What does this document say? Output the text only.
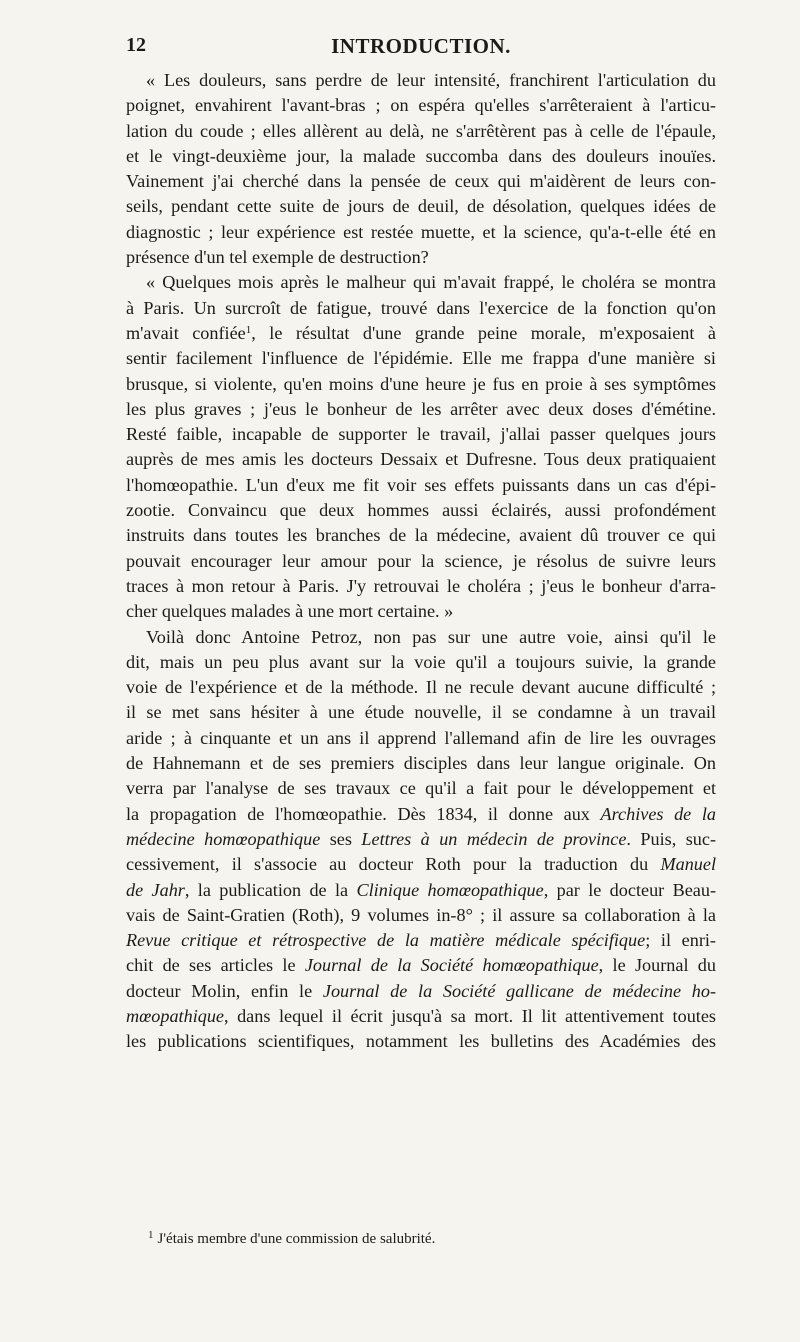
12	INTRODUCTION.
« Les douleurs, sans perdre de leur intensité, franchirent l'articulation du
poignet, envahirent l'avant-bras ; on espéra qu'elles s'arrêteraient à l'articu-
lation du coude ; elles allèrent au delà, ne s'arrêtèrent pas à celle de l'épaule,
et le vingt-deuxième jour, la malade succomba dans des douleurs inouïes.
Vainement j'ai cherché dans la pensée de ceux qui m'aidèrent de leurs con-
seils, pendant cette suite de jours de deuil, de désolation, quelques idées de
diagnostic ; leur expérience est restée muette, et la science, qu'a-t-elle été en
présence d'un tel exemple de destruction?
« Quelques mois après le malheur qui m'avait frappé, le choléra se montra
à Paris. Un surcroît de fatigue, trouvé dans l'exercice de la fonction qu'on
m'avait confiée$^1$, le résultat d'une grande peine morale, m'exposaient à
sentir facilement l'influence de l'épidémie. Elle me frappa d'une manière si
brusque, si violente, qu'en moins d'une heure je fus en proie à ses symptômes
les plus graves ; j'eus le bonheur de les arrêter avec deux doses d'émétine.
Resté faible, incapable de supporter le travail, j'allai passer quelques jours
auprès de mes amis les docteurs Dessaix et Dufresne. Tous deux pratiquaient
l'homœopathie. L'un d'eux me fit voir ses effets puissants dans un cas d'épi-
zootie. Convaincu que deux hommes aussi éclairés, aussi profondément
instruits dans toutes les branches de la médecine, avaient dû trouver ce qui
pouvait encourager leur amour pour la science, je résolus de suivre leurs
traces à mon retour à Paris. J'y retrouvai le choléra ; j'eus le bonheur d'arra-
cher quelques malades à une mort certaine. »
Voilà donc Antoine Petroz, non pas sur une autre voie, ainsi qu'il le
dit, mais un peu plus avant sur la voie qu'il a toujours suivie, la grande
voie de l'expérience et de la méthode. Il ne recule devant aucune difficulté ;
il se met sans hésiter à une étude nouvelle, il se condamne à un travail
aride ; à cinquante et un ans il apprend l'allemand afin de lire les ouvrages
de Hahnemann et de ses premiers disciples dans leur langue originale. On
verra par l'analyse de ses travaux ce qu'il a fait pour le développement et
la propagation de l'homœopathie. Dès 1834, il donne aux Archives de la
médecine homœopathique ses Lettres à un médecin de province. Puis, suc-
cessivement, il s'associe au docteur Roth pour la traduction du Manuel
de Jahr, la publication de la Clinique homœopathique, par le docteur Beau-
vais de Saint-Gratien (Roth), 9 volumes in-8° ; il assure sa collaboration à la
Revue critique et rétrospective de la matière médicale spécifique; il enri-
chit de ses articles le Journal de la Société homœopathique, le Journal du
docteur Molin, enfin le Journal de la Société gallicane de médecine ho-
mœopathique, dans lequel il écrit jusqu'à sa mort. Il lit attentivement toutes
les publications scientifiques, notamment les bulletins des Académies des
$^1$ J'étais membre d'une commission de salubrité.
